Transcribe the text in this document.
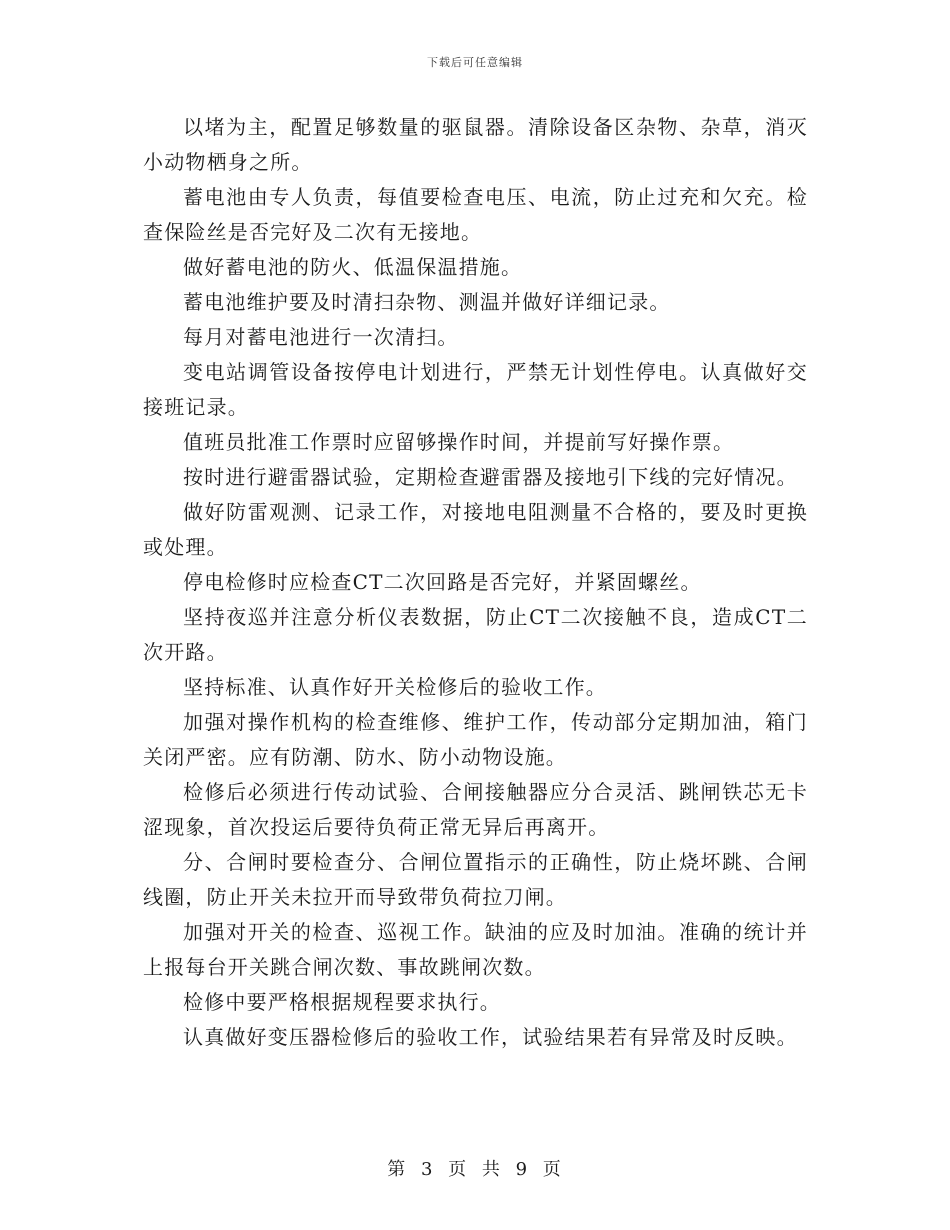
下载后可任意编辑

以堵为主，配置足够数量的驱鼠器。清除设备区杂物、杂草，消灭小动物栖身之所。

蓄电池由专人负责，每值要检查电压、电流，防止过充和欠充。检查保险丝是否完好及二次有无接地。

做好蓄电池的防火、低温保温措施。

蓄电池维护要及时清扫杂物、测温并做好详细记录。

每月对蓄电池进行一次清扫。

变电站调管设备按停电计划进行，严禁无计划性停电。认真做好交接班记录。

值班员批准工作票时应留够操作时间，并提前写好操作票。

按时进行避雷器试验，定期检查避雷器及接地引下线的完好情况。

做好防雷观测、记录工作，对接地电阻测量不合格的，要及时更换或处理。

停电检修时应检查CT二次回路是否完好，并紧固螺丝。

坚持夜巡并注意分析仪表数据，防止CT二次接触不良，造成CT二次开路。

坚持标准、认真作好开关检修后的验收工作。

加强对操作机构的检查维修、维护工作，传动部分定期加油，箱门关闭严密。应有防潮、防水、防小动物设施。

检修后必须进行传动试验、合闸接触器应分合灵活、跳闸铁芯无卡涩现象，首次投运后要待负荷正常无异后再离开。

分、合闸时要检查分、合闸位置指示的正确性，防止烧坏跳、合闸线圈，防止开关未拉开而导致带负荷拉刀闸。

加强对开关的检查、巡视工作。缺油的应及时加油。准确的统计并上报每台开关跳合闸次数、事故跳闸次数。

检修中要严格根据规程要求执行。

认真做好变压器检修后的验收工作，试验结果若有异常及时反映。

第 3 页 共 9 页
